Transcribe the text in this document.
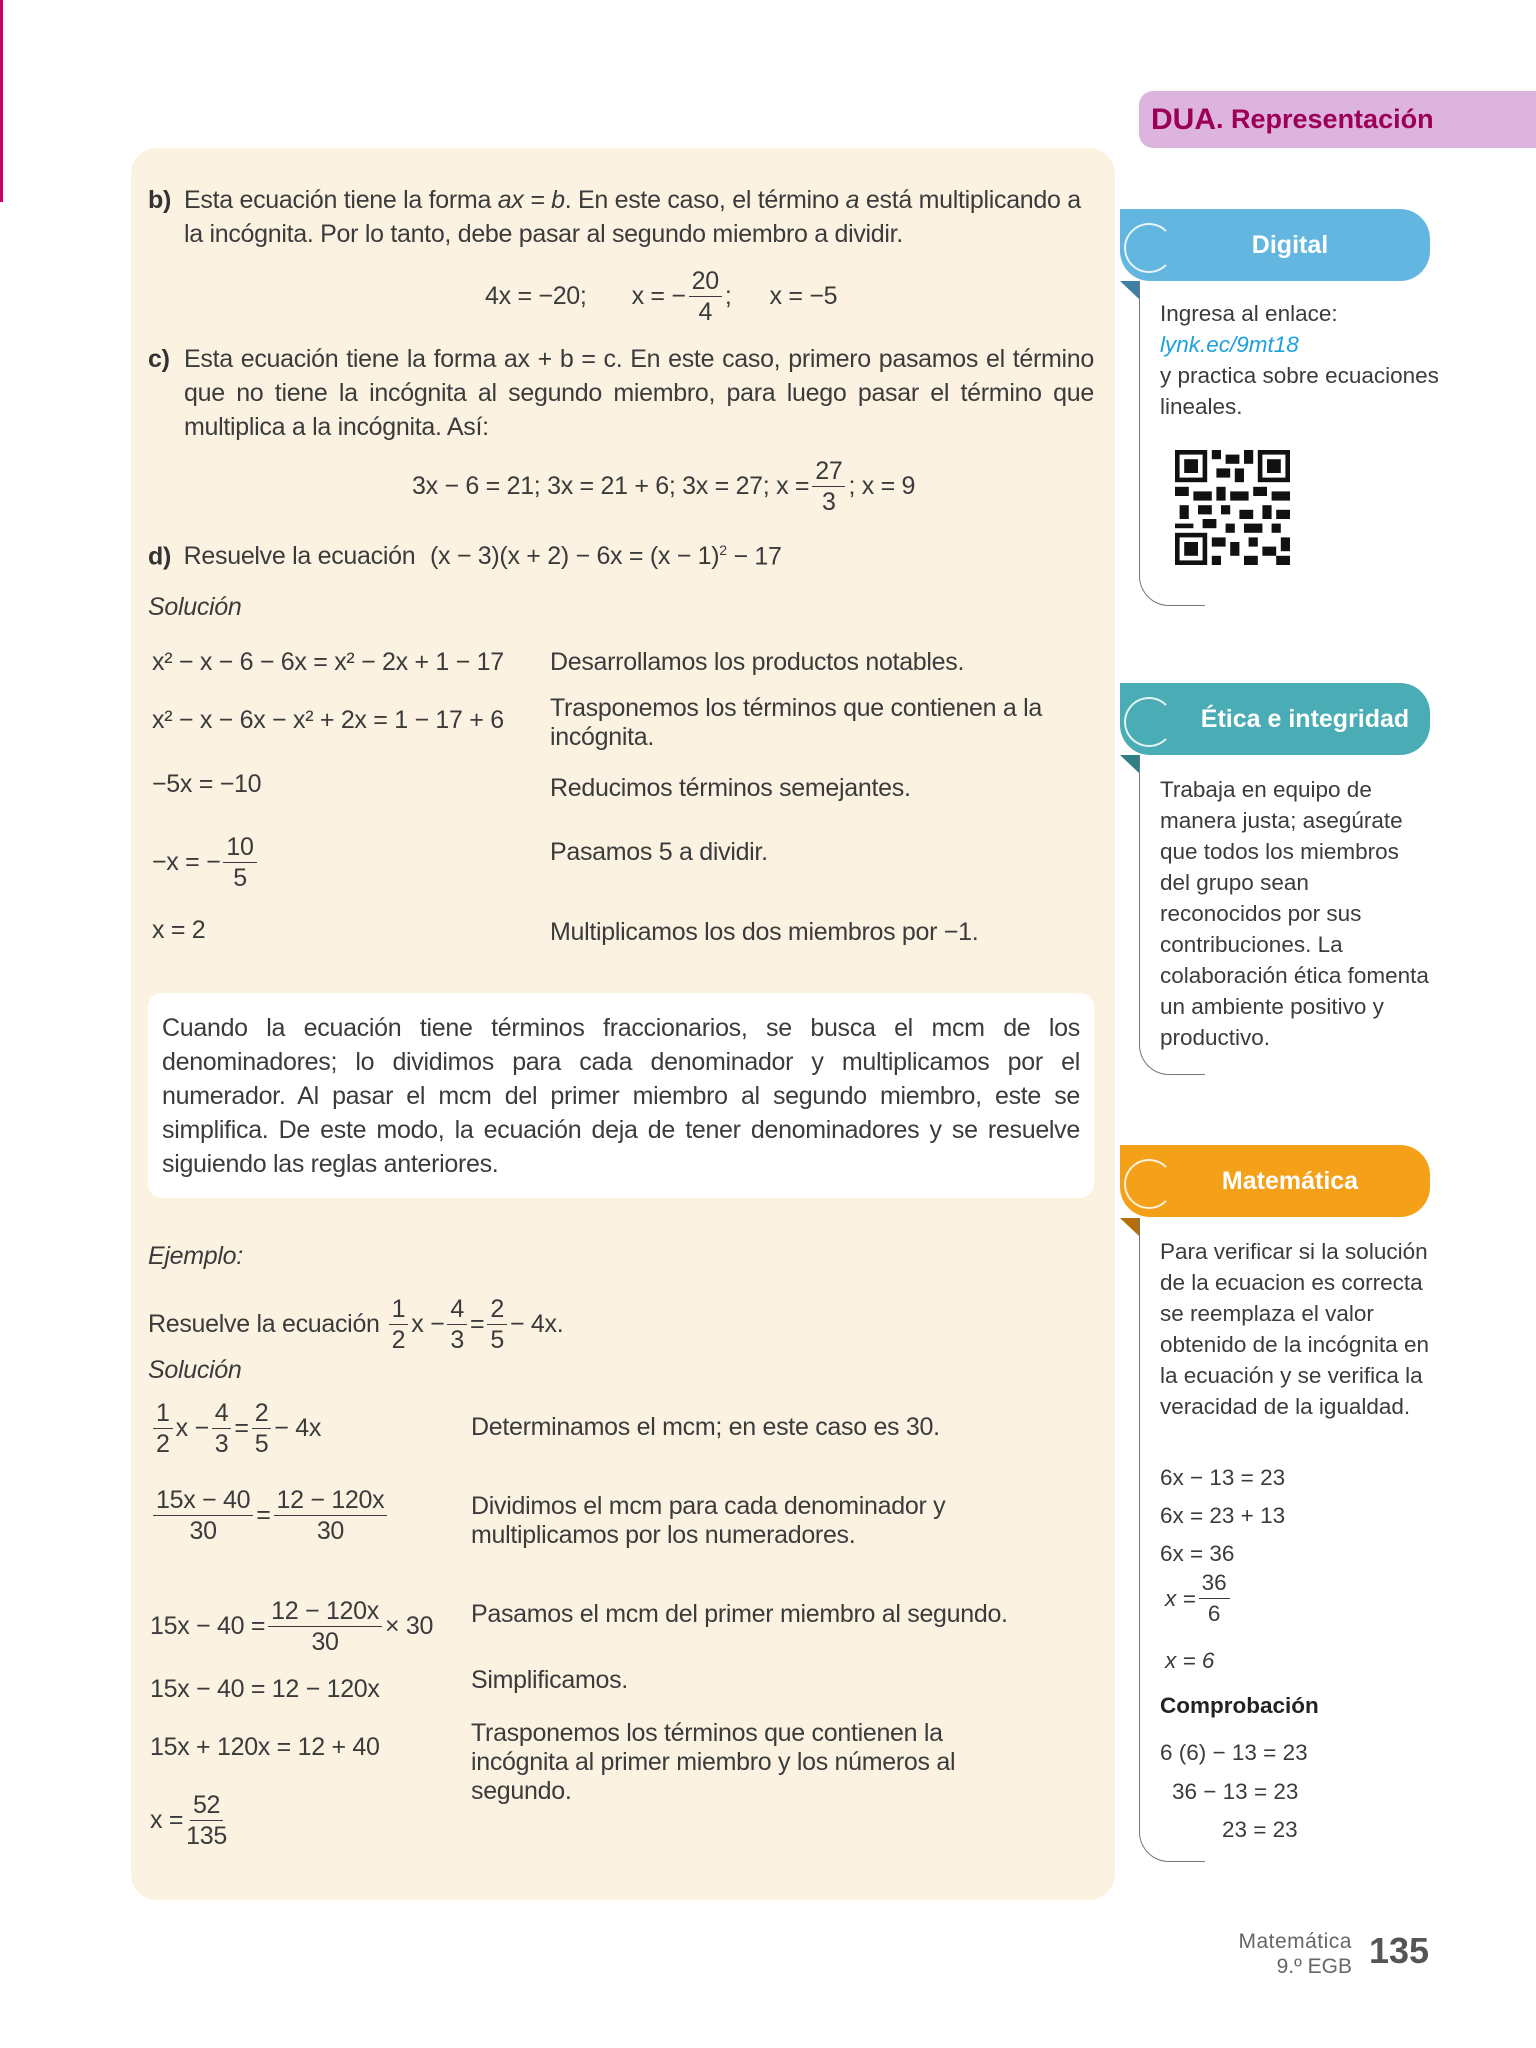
DUA . Representación
b) Esta ecuación tiene la forma ax = b. En este caso, el término a está multiplicando a la incógnita. Por lo tanto, debe pasar al segundo miembro a dividir.
4x = −20; x = − $\frac{20}{4}$ ; x = −5
c) Esta ecuación tiene la forma ax + b = c. En este caso, primero pasamos el término que no tiene la incógnita al segundo miembro, para luego pasar el término que multiplica a la incógnita. Así:
3x − 6 = 21; 3x = 21 + 6; 3x = 27; $x = \frac{27}{3}$ ; x = 9
d) Resuelve la ecuación $(x - 3)(x + 2) - 6x = (x - 1)^2 - 17$
Solución
x² − x − 6 − 6x = x² − 2x + 1 − 17 Desarrollamos los productos notables.
x² − x − 6x − x² + 2x = 1 − 17 + 6 Trasponemos los términos que contienen a la incógnita.
−5x = −10	Reducimos términos semejantes.
−x = − $\frac{10}{5}$	Pasamos 5 a dividir.
x = 2	Multiplicamos los dos miembros por −1.
Cuando la ecuación tiene términos fraccionarios, se busca el mcm de los denominadores; lo dividimos para cada denominador y multiplicamos por el numerador. Al pasar el mcm del primer miembro al segundo miembro, este se simplifica. De este modo, la ecuación deja de tener denominadores y se resuelve siguiendo las reglas anteriores.
Ejemplo:
Resuelve la ecuación $\frac{1}{2}$ $x - \frac{4}{3} = \frac{2}{5} - 4x$.
Solución
$\frac{1}{2}$ $x - \frac{4}{3} = \frac{2}{5} - 4x$	Determinamos el mcm; en este caso es 30.
$\frac{15x - 40}{30} = \frac{12 - 120x}{30}$	Dividimos el mcm para cada denominador y multiplicamos por los numeradores.
$15x - 40 = \frac{12 - 120x}{30} \times 30$ Pasamos el mcm del primer miembro al segundo.
15x − 40 = 12 − 120x	Simplificamos.
15x + 120x = 12 + 40	Trasponemos los términos que contienen la incógnita al primer miembro y los números al segundo.
$x = \frac{52}{135}$
Digital
Ingresa al enlace:
lynk.ec/9mt18
y practica sobre ecuaciones lineales.
Ética e integridad
Trabaja en equipo de manera justa; asegúrate que todos los miembros del grupo sean reconocidos por sus contribuciones. La colaboración ética fomenta un ambiente positivo y productivo.
Matemática
Para verificar si la solución de la ecuacion es correcta se reemplaza el valor obtenido de la incógnita en la ecuación y se verifica la veracidad de la igualdad.
6x − 13 = 23
6x = 23 + 13
6x = 36
$x = \frac{36}{6}$
x = 6
Comprobación
6 (6) − 13 = 23
36 − 13 = 23
23 = 23
Matemática
9.º EGB 135
